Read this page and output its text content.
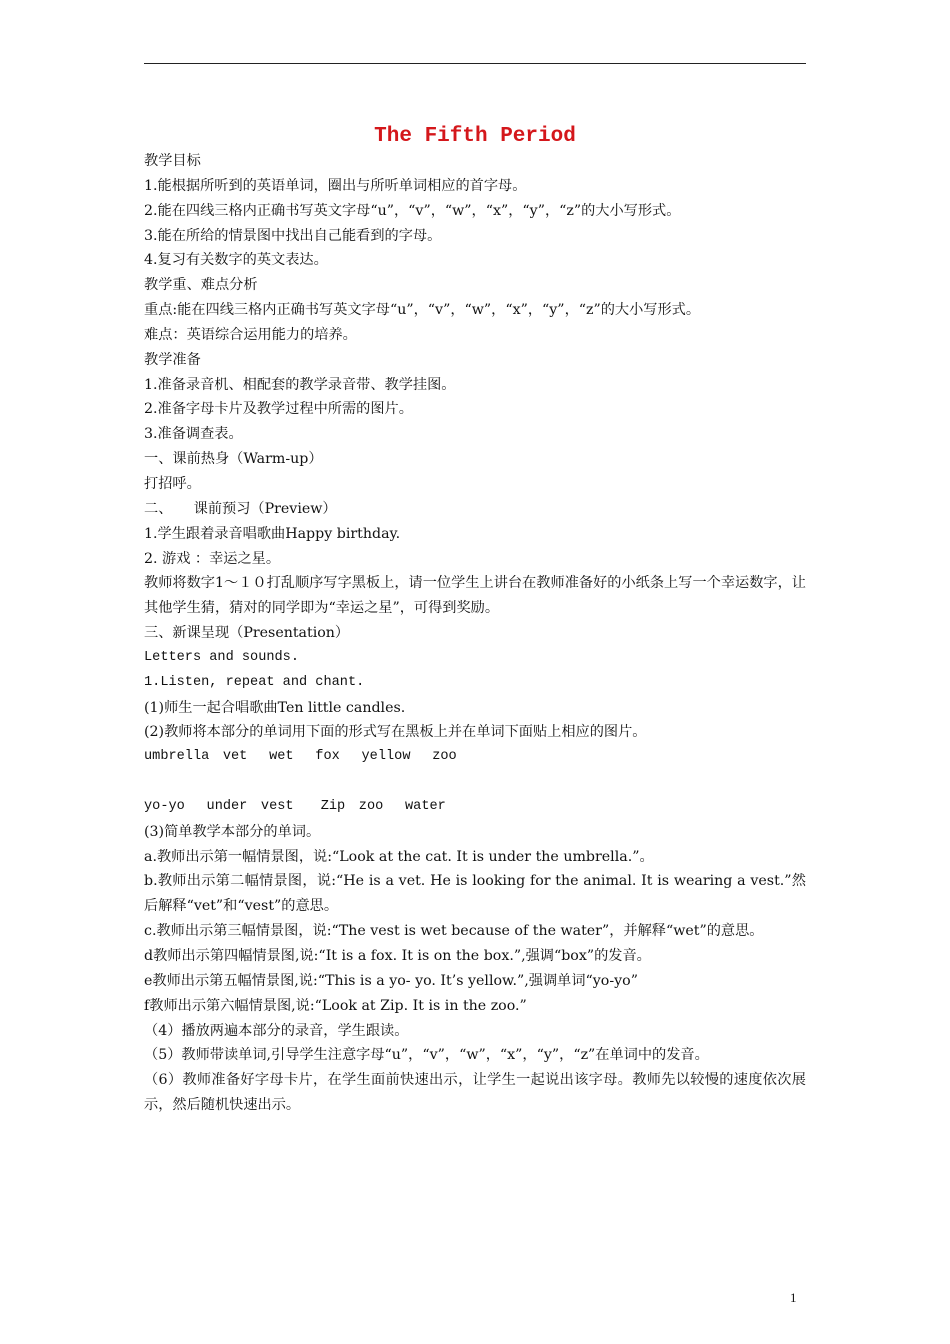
The Fifth Period
教学目标
1.能根据所听到的英语单词，圈出与所听单词相应的首字母。
2.能在四线三格内正确书写英文字母“u”，“v”，“w”，“x”，“y”，“z”的大小写形式。
3.能在所给的情景图中找出自己能看到的字母。
4.复习有关数字的英文表达。
教学重、难点分析
重点:能在四线三格内正确书写英文字母“u”，“v”，“w”，“x”，“y”，“z”的大小写形式。
难点：英语综合运用能力的培养。
教学准备
1.准备录音机、相配套的教学录音带、教学挂图。
2.准备字母卡片及教学过程中所需的图片。
3.准备调查表。
一、课前热身（Warm-up）
打招呼。
二、　　课前预习（Preview）
1.学生跟着录音唱歌曲Happy birthday.
2. 游戏 ：幸运之星。
教师将数字1～１０打乱顺序写字黑板上，请一位学生上讲台在教师准备好的小纸条上写一个幸运数字，让其他学生猜，猜对的同学即为“幸运之星”，可得到奖励。
三、新课呈现（Presentation）
Letters and sounds.
1.Listen, repeat and chant.
(1)师生一起合唱歌曲Ten little candles.
(2)教师将本部分的单词用下面的形式写在黑板上并在单词下面贴上相应的图片。
umbrella　vet　 wet　 fox　 yellow　 zoo
yo-yo　 under　vest　　Zip　zoo　 water
(3)简单教学本部分的单词。
a.教师出示第一幅情景图，说:“Look at the cat. It is under the umbrella.”。
b.教师出示第二幅情景图，说:“He is a vet. He is looking for the animal. It is wearing a vest.”然后解释“vet”和“vest”的意思。
c.教师出示第三幅情景图，说:“The vest is wet because of the water”，并解释“wet”的意思。
d教师出示第四幅情景图,说:“It is a fox. It is on the box.”,强调“box”的发音。
e教师出示第五幅情景图,说:“This is a yo- yo. It’s yellow.”,强调单词“yo-yo”
f教师出示第六幅情景图,说:“Look at Zip. It is in the zoo.”
（4）播放两遍本部分的录音，学生跟读。
（5）教师带读单词,引导学生注意字母“u”，“v”，“w”，“x”，“y”，“z”在单词中的发音。
（6）教师准备好字母卡片，在学生面前快速出示，让学生一起说出该字母。教师先以较慢的速度依次展示，然后随机快速出示。
1
